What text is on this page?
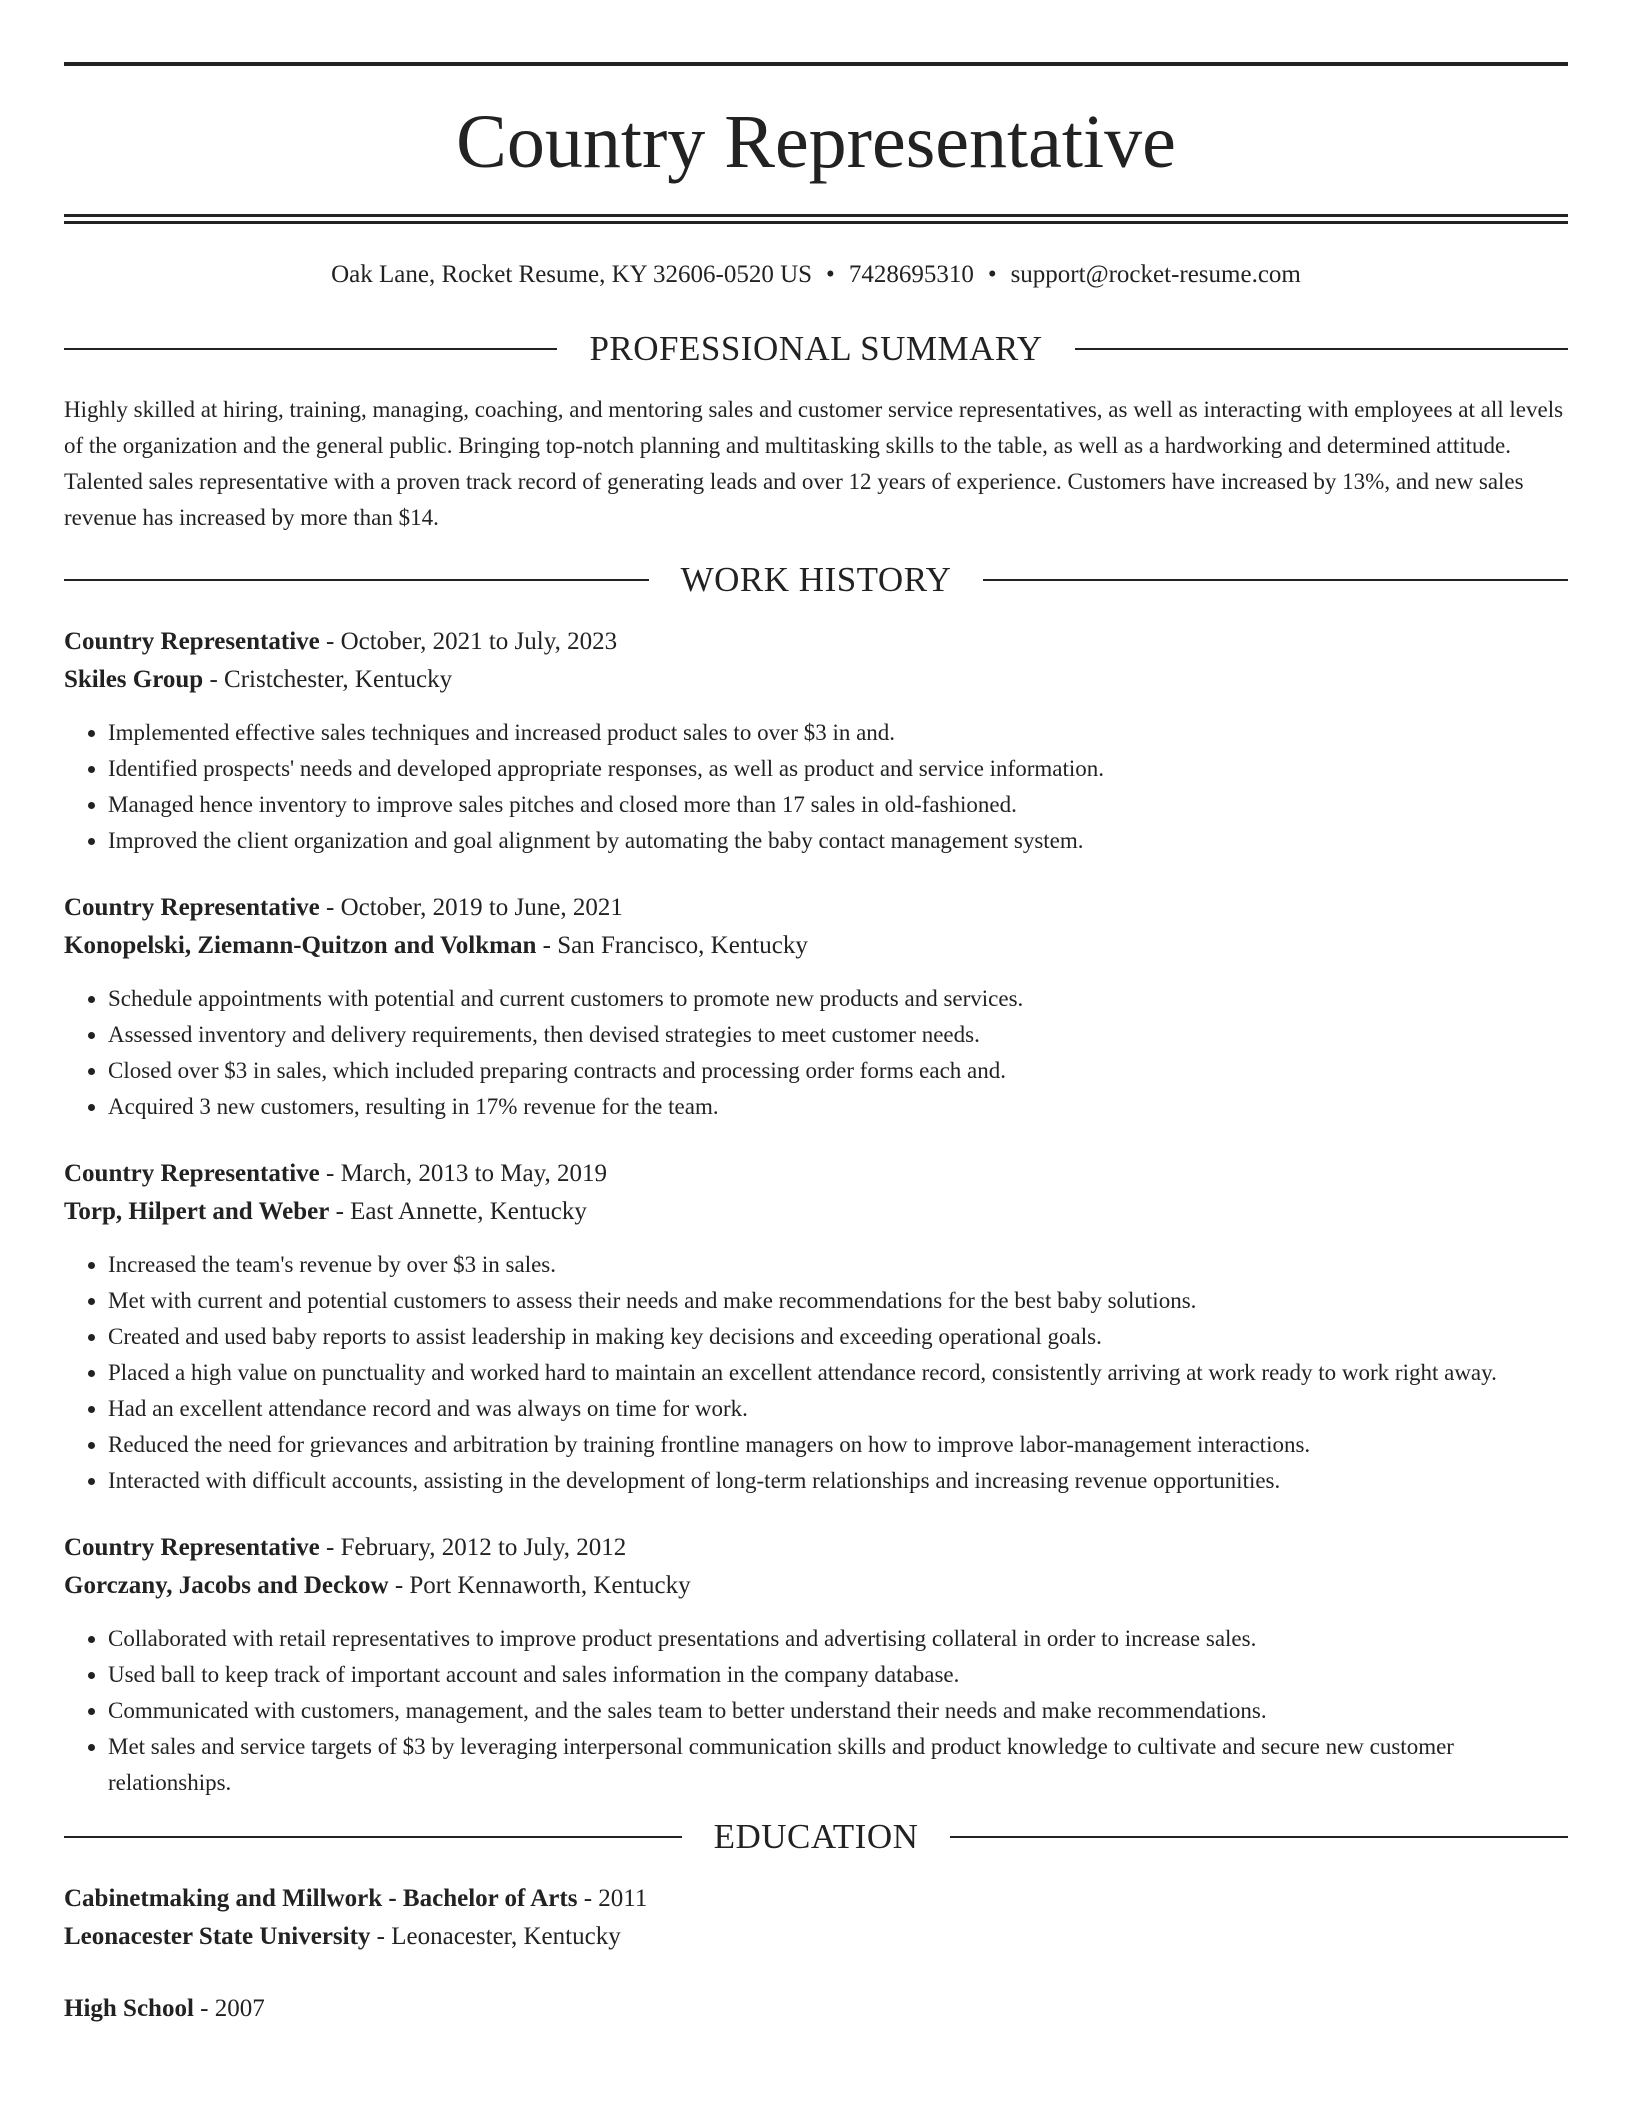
Country Representative
Oak Lane, Rocket Resume, KY 32606-0520 US • 7428695310 • support@rocket-resume.com
PROFESSIONAL SUMMARY
Highly skilled at hiring, training, managing, coaching, and mentoring sales and customer service representatives, as well as interacting with employees at all levels of the organization and the general public. Bringing top-notch planning and multitasking skills to the table, as well as a hardworking and determined attitude. Talented sales representative with a proven track record of generating leads and over 12 years of experience. Customers have increased by 13%, and new sales revenue has increased by more than $14.
WORK HISTORY
Country Representative - October, 2021 to July, 2023
Skiles Group - Cristchester, Kentucky
• Implemented effective sales techniques and increased product sales to over $3 in and.
• Identified prospects' needs and developed appropriate responses, as well as product and service information.
• Managed hence inventory to improve sales pitches and closed more than 17 sales in old-fashioned.
• Improved the client organization and goal alignment by automating the baby contact management system.
Country Representative - October, 2019 to June, 2021
Konopelski, Ziemann-Quitzon and Volkman - San Francisco, Kentucky
• Schedule appointments with potential and current customers to promote new products and services.
• Assessed inventory and delivery requirements, then devised strategies to meet customer needs.
• Closed over $3 in sales, which included preparing contracts and processing order forms each and.
• Acquired 3 new customers, resulting in 17% revenue for the team.
Country Representative - March, 2013 to May, 2019
Torp, Hilpert and Weber - East Annette, Kentucky
• Increased the team's revenue by over $3 in sales.
• Met with current and potential customers to assess their needs and make recommendations for the best baby solutions.
• Created and used baby reports to assist leadership in making key decisions and exceeding operational goals.
• Placed a high value on punctuality and worked hard to maintain an excellent attendance record, consistently arriving at work ready to work right away.
• Had an excellent attendance record and was always on time for work.
• Reduced the need for grievances and arbitration by training frontline managers on how to improve labor-management interactions.
• Interacted with difficult accounts, assisting in the development of long-term relationships and increasing revenue opportunities.
Country Representative - February, 2012 to July, 2012
Gorczany, Jacobs and Deckow - Port Kennaworth, Kentucky
• Collaborated with retail representatives to improve product presentations and advertising collateral in order to increase sales.
• Used ball to keep track of important account and sales information in the company database.
• Communicated with customers, management, and the sales team to better understand their needs and make recommendations.
• Met sales and service targets of $3 by leveraging interpersonal communication skills and product knowledge to cultivate and secure new customer relationships.
EDUCATION
Cabinetmaking and Millwork - Bachelor of Arts - 2011
Leonacester State University - Leonacester, Kentucky
High School - 2007
